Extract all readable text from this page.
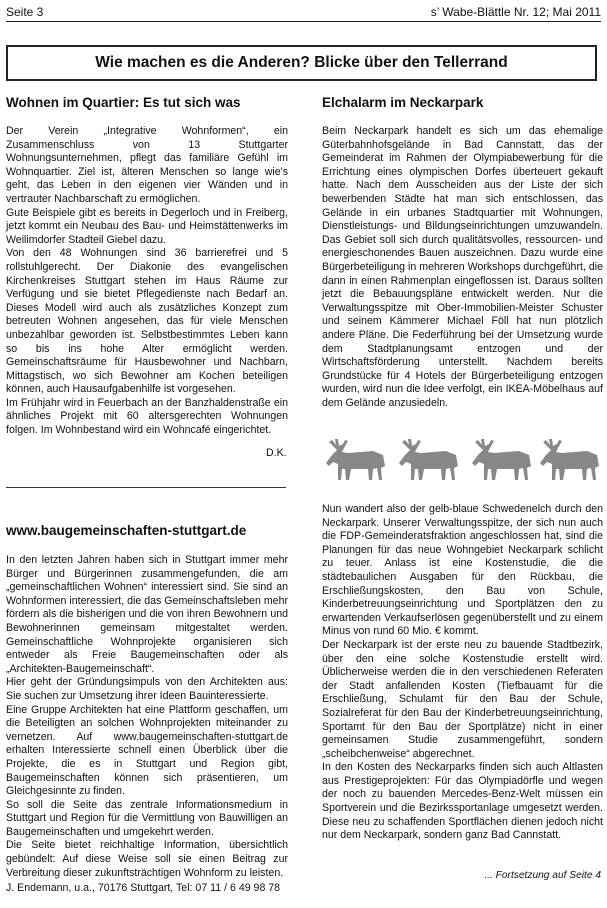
Seite 3	s’ Wabe-Blättle Nr. 12; Mai 2011
Wie machen es die Anderen? Blicke über den Tellerrand
Wohnen im Quartier: Es tut sich was

Der Verein „Integrative Wohnformen“, ein Zusammenschluss von 13 Stuttgarter Wohnungsunternehmen, pflegt das familiäre Gefühl im Wohnquartier. Ziel ist, älteren Menschen so lange wie's geht, das Leben in den eigenen vier Wänden und in vertrauter Nachbarschaft zu ermöglichen.

Gute Beispiele gibt es bereits in Degerloch und in Freiberg, jetzt kommt ein Neubau des Bau- und Heimstättenwerks im Weilimdorfer Stadteil Giebel dazu.

Von den 48 Wohnungen sind 36 barrierefrei und 5 rollstuhlgerecht. Der Diakonie des evangelischen Kirchenkreises Stuttgart stehen im Haus Räume zur Verfügung und sie bietet Pflegedienste nach Bedarf an. Dieses Modell wird auch als zusätzliches Konzept zum betreuten Wohnen angesehen, das für viele Menschen unbezahlbar geworden ist. Selbstbestimmtes Leben kann so bis ins hohe Alter ermöglicht werden. Gemeinschaftsräume für Hausbewohner und Nachbarn, Mittagstisch, wo sich Bewohner am Kochen beteiligen können, auch Hausaufgabenhilfe ist vorgesehen.

Im Frühjahr wird in Feuerbach an der Banzhaldenstraße ein ähnliches Projekt mit 60 altersgerechten Wohnungen folgen. Im Wohnbestand wird ein Wohncafé eingerichtet.

D.K.
www.baugemeinschaften-stuttgart.de

In den letzten Jahren haben sich in Stuttgart immer mehr Bürger und Bürgerinnen zusammengefunden, die am „gemeinschaftlichen Wohnen“ interessiert sind. Sie sind an Wohnformen interessiert, die das Gemeinschaftsleben mehr fördern als die bisherigen und die von ihren Bewohnern und Bewohnerinnen gemeinsam mitgestaltet werden. Gemeinschaftliche Wohnprojekte organisieren sich entweder als Freie Baugemeinschaften oder als „Architekten-Baugemeinschaft“.

Hier geht der Gründungsimpuls von den Architekten aus: Sie suchen zur Umsetzung ihrer Ideen Bauinteressierte.

Eine Gruppe Architekten hat eine Plattform geschaffen, um die Beteiligten an solchen Wohnprojekten miteinander zu vernetzen. Auf www.baugemeinschaften-stuttgart.de erhalten Interessierte schnell einen Überblick über die Projekte, die es in Stuttgart und Region gibt, Baugemeinschaften können sich präsentieren, um Gleichgesinnte zu finden.

So soll die Seite das zentrale Informationsmedium in Stuttgart und Region für die Vermittlung von Bauwilligen an Baugemeinschaften und umgekehrt werden.

Die Seite bietet reichhaltige Information, übersichtlich gebündelt: Auf diese Weise soll sie einen Beitrag zur Verbreitung dieser zukunftsträchtigen Wohnform zu leisten.

J. Endemann, u.a., 70176 Stuttgart, Tel: 07 11 / 6 49 98 78
Elchalarm im Neckarpark

Beim Neckarpark handelt es sich um das ehemalige Güterbahnhofsgelände in Bad Cannstatt, das der Gemeinderat im Rahmen der Olympiabewerbung für die Errichtung eines olympischen Dorfes überteuert gekauft hatte. Nach dem Ausscheiden aus der Liste der sich bewerbenden Städte hat man sich entschlossen, das Gelände in ein urbanes Stadtquartier mit Wohnungen, Dienstleistungs- und Bildungseinrichtungen umzuwandeln. Das Gebiet soll sich durch qualitätsvolles, ressourcen- und energieschonendes Bauen auszeichnen. Dazu wurde eine Bürgerbeteiligung in mehreren Workshops durchgeführt, die dann in einen Rahmenplan eingeflossen ist. Daraus sollten jetzt die Bebauungspläne entwickelt werden. Nur die Verwaltungsspitze mit Ober-Immobilien-Meister Schuster und seinem Kämmerer Michael Föll hat nun plötzlich andere Pläne. Die Federführung bei der Umsetzung wurde dem Stadtplanungsamt entzogen und der Wirtschaftsförderung unterstellt. Nachdem bereits Grundstücke für 4 Hotels der Bürgerbeteiligung entzogen wurden, wird nun die Idee verfolgt, ein IKEA-Möbelhaus auf dem Gelände anzusiedeln.

Nun wandert also der gelb-blaue Schwedenelch durch den Neckarpark. Unserer Verwaltungsspitze, der sich nun auch die FDP-Gemeinderatsfraktion angeschlossen hat, sind die Planungen für das neue Wohngebiet Neckarpark schlicht zu teuer. Anlass ist eine Kostenstudie, die die städtebaulichen Ausgaben für den Rückbau, die Erschließungskosten, den Bau von Schule, Kinderbetreuungseinrichtung und Sportplätzen den zu erwartenden Verkaufserlösen gegenüberstellt und zu einem Minus von rund 60 Mio. € kommt.

Der Neckarpark ist der erste neu zu bauende Stadtbezirk, über den eine solche Kostenstudie erstellt wird. Üblicherweise werden die in den verschiedenen Referaten der Stadt anfallenden Kosten (Tiefbauamt für die Erschließung, Schulamt für den Bau der Schule, Sozialreferat für den Bau der Kinderbetreuungseinrichtung, Sportamt für den Bau der Sportplätze) nicht in einer gemeinsamen Studie zusammengeführt, sondern „scheibchenweise“ abgerechnet.

In den Kosten des Neckarparks finden sich auch Altlasten aus Prestigeprojekten: Für das Olympiadörfle und wegen der noch zu bauenden Mercedes-Benz-Welt müssen ein Sportverein und die Bezirkssportanlage umgesetzt werden. Diese neu zu schaffenden Sportflächen dienen jedoch nicht nur dem Neckarpark, sondern ganz Bad Cannstatt.

... Fortsetzung auf Seite 4
